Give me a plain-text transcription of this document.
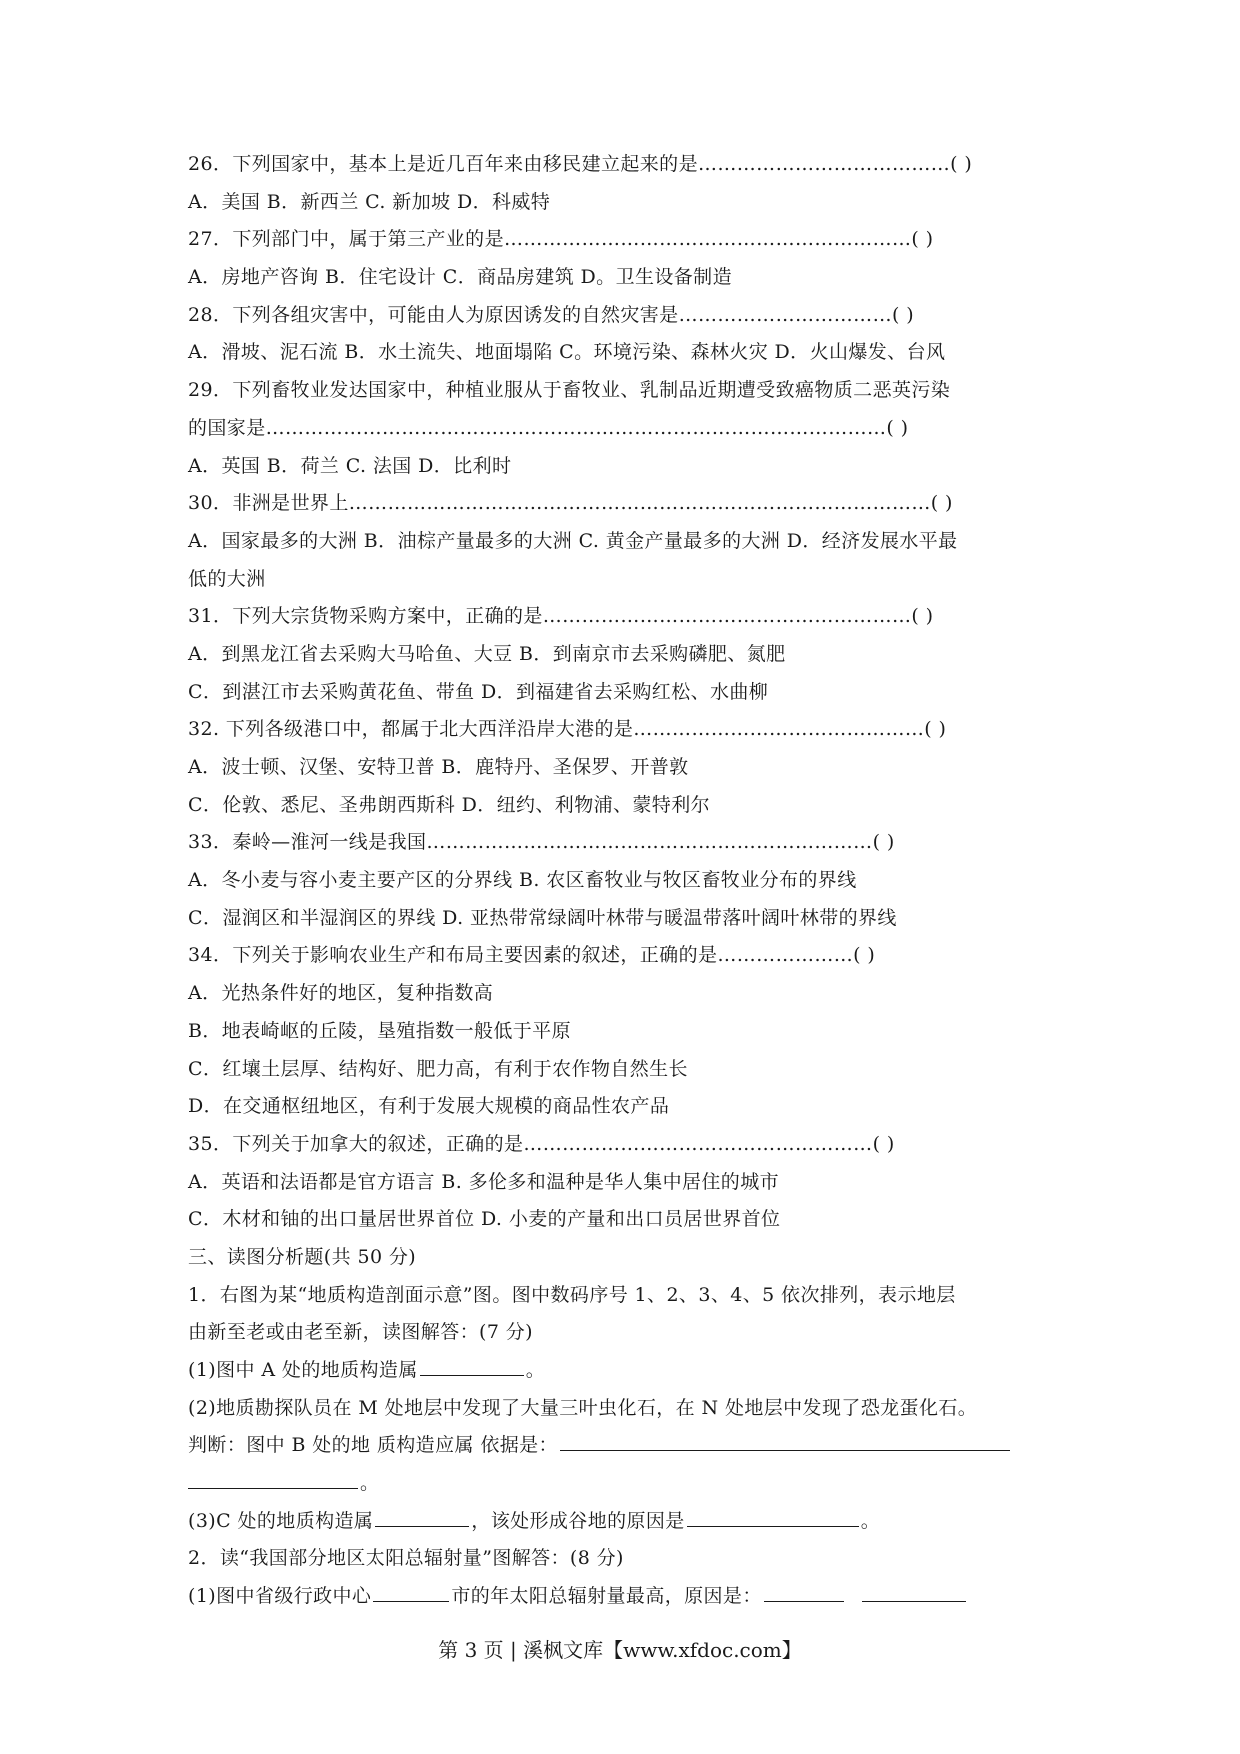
26．下列国家中，基本上是近几百年来由移民建立起来的是…………………………………( )
A．美国 B．新西兰 C. 新加坡 D．科威特
27．下列部门中，属于第三产业的是………………………………………………………( )
A．房地产咨询 B．住宅设计 C．商品房建筑 D。卫生设备制造
28．下列各组灾害中，可能由人为原因诱发的自然灾害是……………………………( )
A．滑坡、泥石流 B．水土流失、地面塌陷 C。环境污染、森林火灾 D．火山爆发、台风
29．下列畜牧业发达国家中，种植业服从于畜牧业、乳制品近期遭受致癌物质二恶英污染
的国家是……………………………………………………………………………………( )
A．英国 B．荷兰 C. 法国 D．比利时
30．非洲是世界上………………………………………………………………………………( )
A．国家最多的大洲 B．油棕产量最多的大洲 C. 黄金产量最多的大洲 D．经济发展水平最
低的大洲
31．下列大宗货物采购方案中，正确的是…………………………………………………( )
A．到黑龙江省去采购大马哈鱼、大豆 B．到南京市去采购磷肥、氮肥
C．到湛江市去采购黄花鱼、带鱼 D．到福建省去采购红松、水曲柳
32. 下列各级港口中，都属于北大西洋沿岸大港的是………………………………………( )
A．波士顿、汉堡、安特卫普 B．鹿特丹、圣保罗、开普敦
C．伦敦、悉尼、圣弗朗西斯科 D．纽约、利物浦、蒙特利尔
33．秦岭—淮河一线是我国……………………………………………………………( )
A．冬小麦与容小麦主要产区的分界线 B. 农区畜牧业与牧区畜牧业分布的界线
C．湿润区和半湿润区的界线 D. 亚热带常绿阔叶林带与暖温带落叶阔叶林带的界线
34．下列关于影响农业生产和布局主要因素的叙述，正确的是…………………( )
A．光热条件好的地区，复种指数高
B．地表崎岖的丘陵，垦殖指数一般低于平原
C．红壤土层厚、结构好、肥力高，有利于农作物自然生长
D．在交通枢纽地区，有利于发展大规模的商品性农产品
35．下列关于加拿大的叙述，正确的是………………………………………………( )
A．英语和法语都是官方语言 B. 多伦多和温种是华人集中居住的城市
C．木材和铀的出口量居世界首位 D. 小麦的产量和出口员居世界首位
三、读图分析题(共 50 分)
1．右图为某“地质构造剖面示意”图。图中数码序号 1、2、3、4、5 依次排列，表示地层
由新至老或由老至新，读图解答：(7 分)
(1)图中 A 处的地质构造属	。
(2)地质勘探队员在 M 处地层中发现了大量三叶虫化石，在 N 处地层中发现了恐龙蛋化石。
判断：图中 B 处的地 质构造应属 依据是：
。
(3)C 处的地质构造属	，该处形成谷地的原因是	。
2．读“我国部分地区太阳总辐射量”图解答：(8 分)
(1)图中省级行政中心	市的年太阳总辐射量最高，原因是：
第 3 页 | 溪枫文库【www.xfdoc.com】
